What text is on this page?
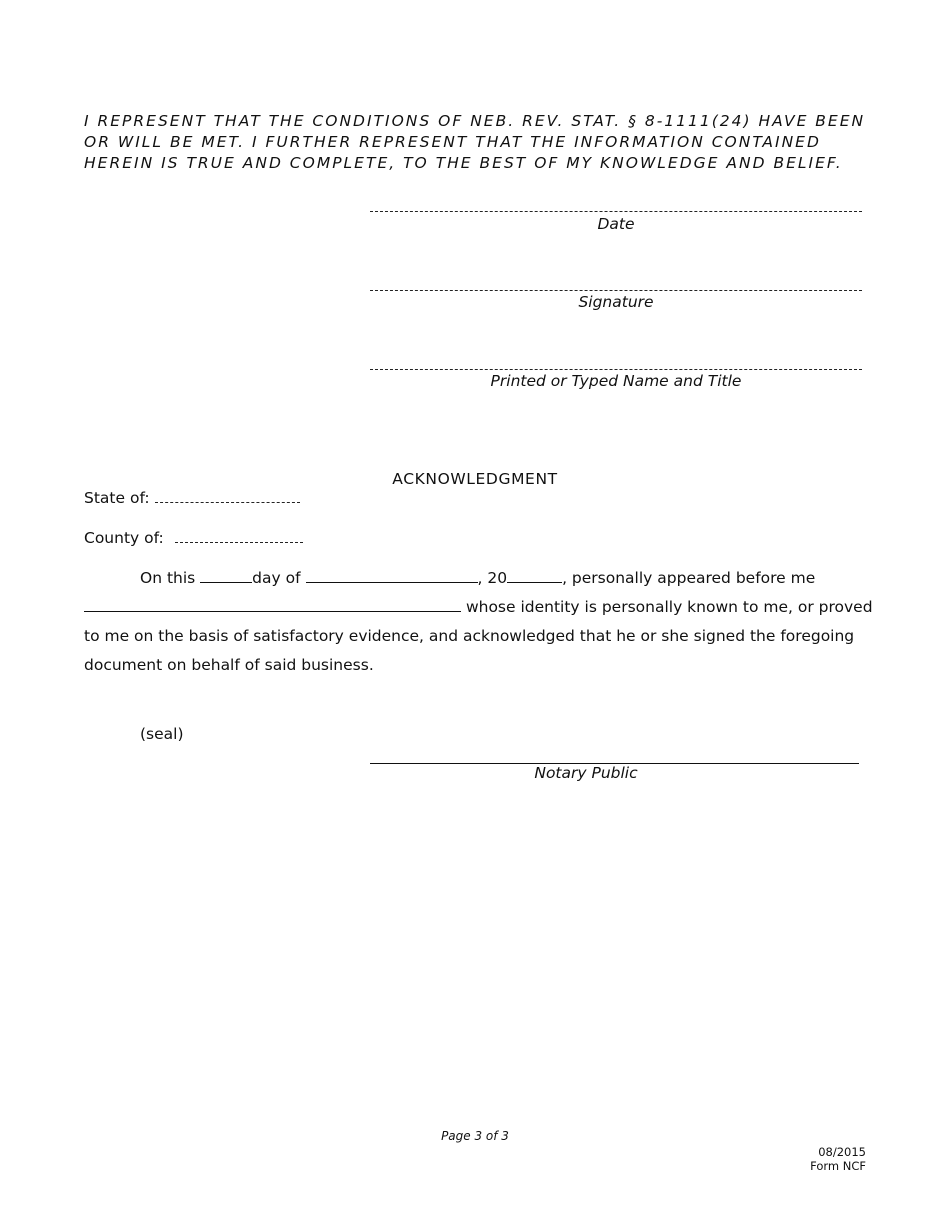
I REPRESENT THAT THE CONDITIONS OF NEB. REV. STAT. § 8-1111(24) HAVE BEEN
OR WILL BE MET. I FURTHER REPRESENT THAT THE INFORMATION CONTAINED
HEREIN IS TRUE AND COMPLETE, TO THE BEST OF MY KNOWLEDGE AND BELIEF.
Date
Signature
Printed or Typed Name and Title
ACKNOWLEDGMENT
State of:
County of:
On this	day of	, 20	, personally appeared before me
whose identity is personally known to me, or proved
to me on the basis of satisfactory evidence, and acknowledged that he or she signed the foregoing
document on behalf of said business.
(seal)
Notary Public
Page 3 of 3
08/2015
Form NCF
